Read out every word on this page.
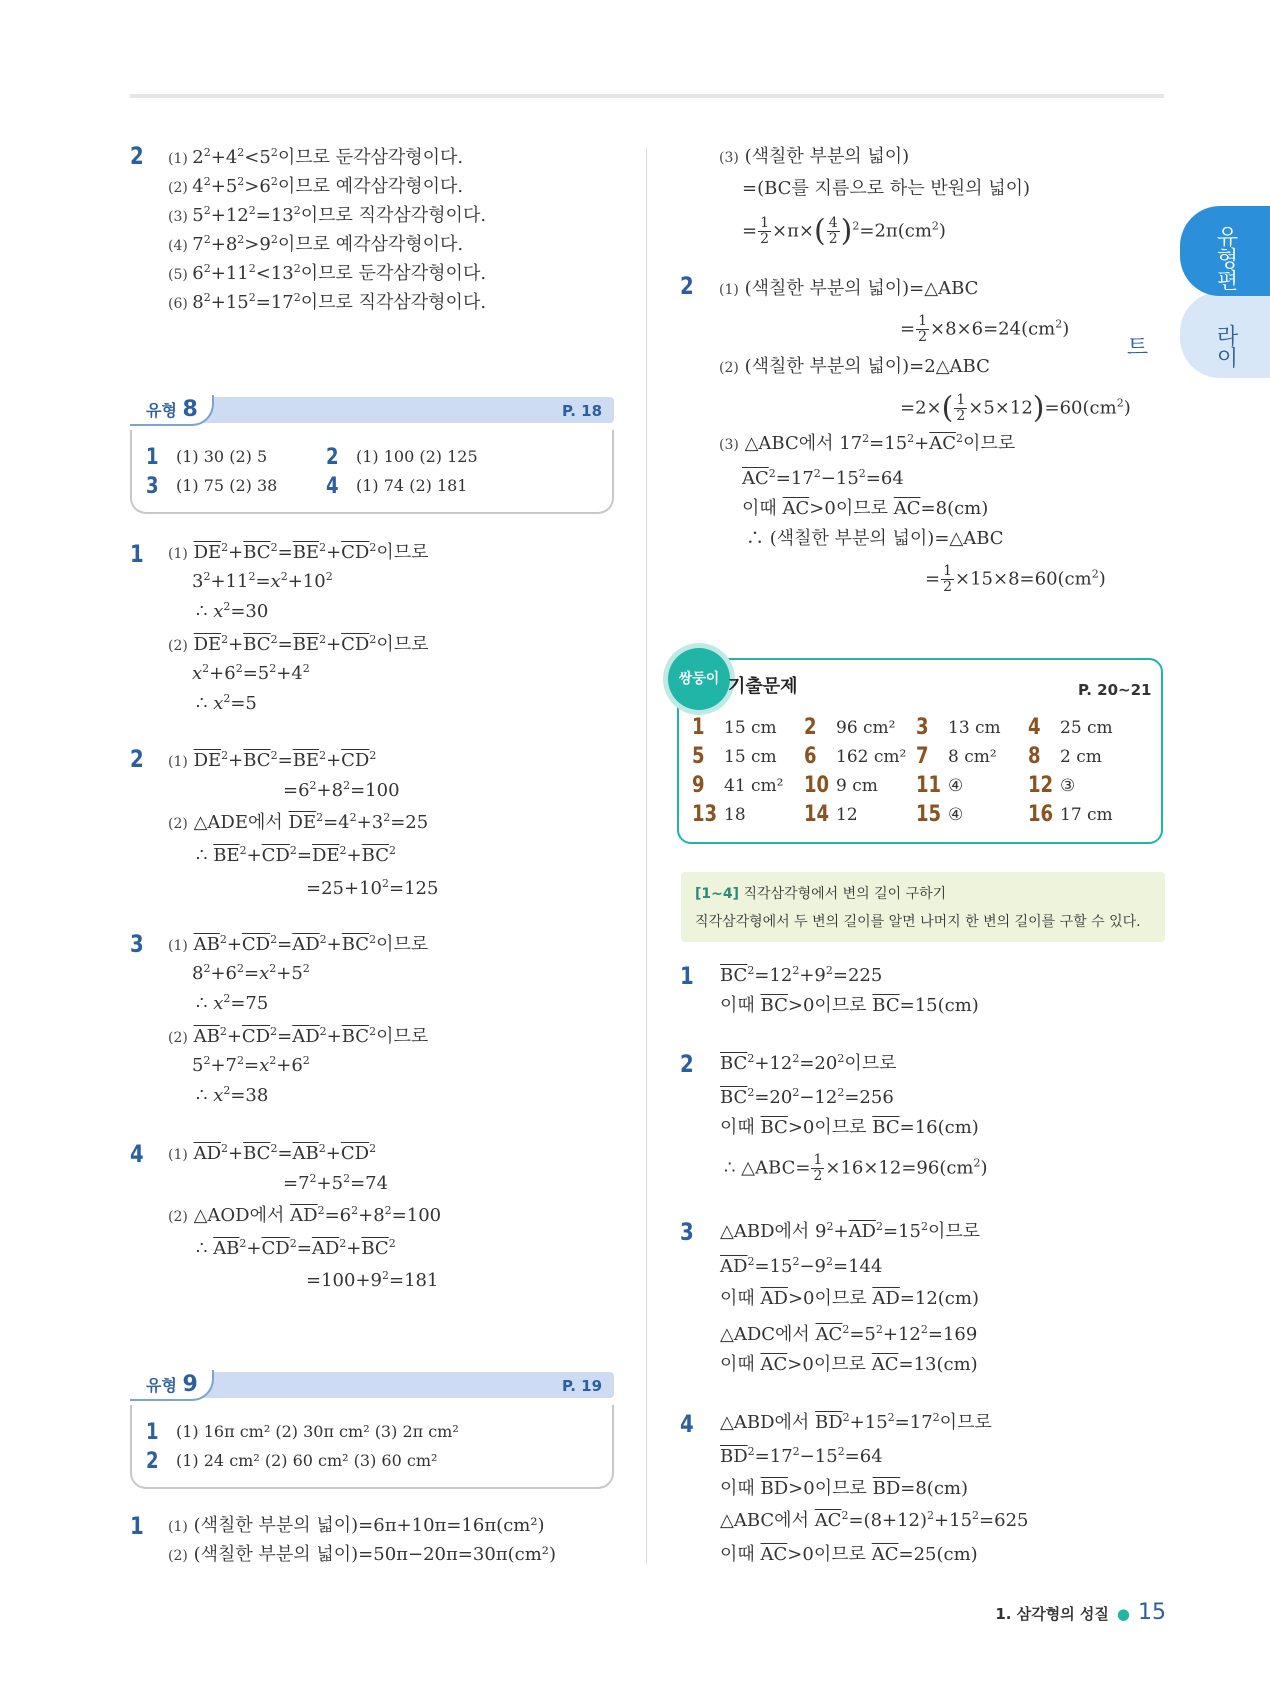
라이트
유형편
2 (1) $2^2+4^2<5^2$이므로 둔각삼각형이다.
(2) $4^2+5^2>6^2$이므로 예각삼각형이다.
(3) $5^2+12^2=13^2$이므로 직각삼각형이다.
(4) $7^2+8^2>9^2$이므로 예각삼각형이다.
(5) $6^2+11^2<13^2$이므로 둔각삼각형이다.
(6) $8^2+15^2=17^2$이므로 직각삼각형이다.
유형 8	P. 18
1 (1) 30 (2) 5	2 (1) 100 (2) 125
3 (1) 75 (2) 38 4 (1) 74 (2) 181
1 (1) $\overline{DE}^2+\overline{BC}^2=\overline{BE}^2+\overline{CD}^2$이므로
$3^2+11^2=x^2+10^2$
∴ $x^2=30$
(2) $\overline{DE}^2+\overline{BC}^2=\overline{BE}^2+\overline{CD}^2$이므로
$x^2+6^2=5^2+4^2$
∴ $x^2=5$
2 (1) $\overline{DE}^2+\overline{BC}^2=\overline{BE}^2+\overline{CD}^2$
$=6^2+8^2=100$
(2) △ADE에서 $\overline{DE}^2=4^2+3^2=25$
∴ $\overline{BE}^2+\overline{CD}^2=\overline{DE}^2+\overline{BC}^2$
$=25+10^2=125$
3 (1) $\overline{AB}^2+\overline{CD}^2=\overline{AD}^2+\overline{BC}^2$이므로
$8^2+6^2=x^2+5^2$
∴ $x^2=75$
(2) $\overline{AB}^2+\overline{CD}^2=\overline{AD}^2+\overline{BC}^2$이므로
$5^2+7^2=x^2+6^2$
∴ $x^2=38$
4 (1) $\overline{AD}^2+\overline{BC}^2=\overline{AB}^2+\overline{CD}^2$
$=7^2+5^2=74$
(2) △AOD에서 $\overline{AD}^2=6^2+8^2=100$
∴ $\overline{AB}^2+\overline{CD}^2=\overline{AD}^2+\overline{BC}^2$
$=100+9^2=181$
유형 9	P. 19
1 (1) 16π cm² (2) 30π cm² (3) 2π cm²
2 (1) 24 cm² (2) 60 cm² (3) 60 cm²
1 (1) (색칠한 부분의 넓이)=6π+10π=16π(cm²)
(2) (색칠한 부분의 넓이)=50π−20π=30π(cm²)
(3) (색칠한 부분의 넓이)
=(BC를 지름으로 하는 반원의 넓이)
= $\frac{1}{2} \times\pi\times( \frac{4}{2} )^2=2\pi(cm^2)$
2 (1) (색칠한 부분의 넓이)=△ABC
= $\frac{1}{2} \times 8\times 6=24(cm^2)$
(2) (색칠한 부분의 넓이)=2△ABC
$=2\times( \frac{1}{2} \times 5\times 12)=60(cm^2)$
(3) △ABC에서 $17^2=15^2+\overline{AC}^2$이므로
$\overline{AC}^2=17^2-15^2=64$
이때 $\overline{AC}>0$이므로 $\overline{AC}=8(cm)$
∴ (색칠한 부분의 넓이)=△ABC
= $\frac{1}{2} \times 15\times 8=60(cm^2)$
쌍둥이 기출문제	P. 20~21
1 15 cm 2 96 cm² 3 13 cm 4 25 cm
5 15 cm 6 162 cm² 7 8 cm² 8 2 cm
9 41 cm² 10 9 cm 11 ④	12 ③
13 18	14 12	15 ④	16 17 cm
[1~4] 직각삼각형에서 변의 길이 구하기
직각삼각형에서 두 변의 길이를 알면 나머지 한 변의 길이를 구할 수 있다.
1 $\overline{BC}^2=12^2+9^2=225$
이때 $\overline{BC}>0$이므로 $\overline{BC}=15(cm)$
2 $\overline{BC}^2+12^2=20^2$이므로
$\overline{BC}^2=20^2-12^2=256$
이때 $\overline{BC}>0$이므로 $\overline{BC}=16(cm)$
∴ △ABC= $\frac{1}{2} \times 16\times 12=96(cm^2)$
3 △ABD에서 $9^2+\overline{AD}^2=15^2$이므로
$\overline{AD}^2=15^2-9^2=144$
이때 $\overline{AD}>0$이므로 $\overline{AD}=12(cm)$
△ADC에서 $\overline{AC}^2=5^2+12^2=169$
이때 $\overline{AC}>0$이므로 $\overline{AC}=13(cm)$
4 △ABD에서 $\overline{BD}^2+15^2=17^2$이므로
$\overline{BD}^2=17^2-15^2=64$
이때 $\overline{BD}>0$이므로 $\overline{BD}=8(cm)$
△ABC에서 $\overline{AC}^2=(8+12)^2+15^2=625$
이때 $\overline{AC}>0$이므로 $\overline{AC}=25(cm)$
1. 삼각형의 성질 ● 15
